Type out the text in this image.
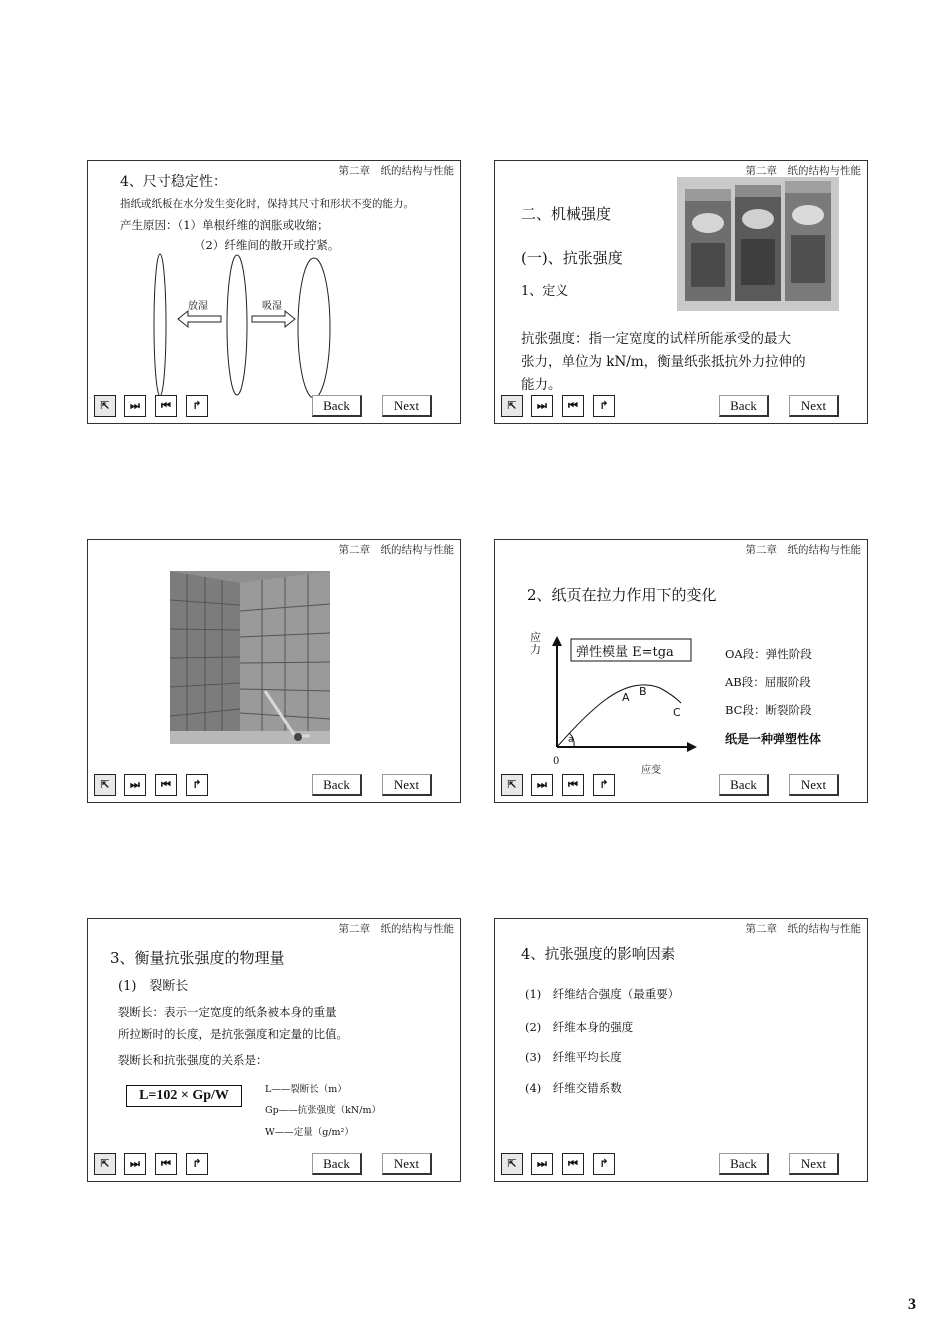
第二章　纸的结构与性能
4、尺寸稳定性：
指纸或纸板在水分发生变化时，保持其尺寸和形状不变的能力。
产生原因：（1）单根纤维的润胀或收缩；
（2）纤维间的散开或拧紧。
放湿	吸湿
⇱	⏭	⏮	↱	Back	Next
第二章　纸的结构与性能
二、机械强度
(一)、抗张强度
1、定义
抗张强度：指一定宽度的试样所能承受的最大
张力，单位为 kN/m，衡量纸张抵抗外力拉伸的
能力。
⇱	⏭	⏮	↱	Back	Next
第二章　纸的结构与性能
⇱	⏭	⏮	↱	Back	Next
第二章　纸的结构与性能
2、纸页在拉力作用下的变化
应力
0
应变
弹性模量 E=tga
A B
C
a
OA段：弹性阶段
AB段：屈服阶段
BC段：断裂阶段
纸是一种弹塑性体
⇱	⏭	⏮	↱	Back	Next
第二章　纸的结构与性能
3、衡量抗张强度的物理量
(1)　裂断长
裂断长：表示一定宽度的纸条被本身的重量
所拉断时的长度，是抗张强度和定量的比值。
裂断长和抗张强度的关系是：
L=102 × Gp/W	L——裂断长（m）
Gp——抗张强度（kN/m）
W——定量（g/m²）
⇱	⏭	⏮	↱	Back	Next
第二章　纸的结构与性能
4、抗张强度的影响因素
(1)　纤维结合强度（最重要）
(2)　纤维本身的强度
(3)　纤维平均长度
(4)　纤维交错系数
⇱	⏭	⏮	↱	Back	Next
3
